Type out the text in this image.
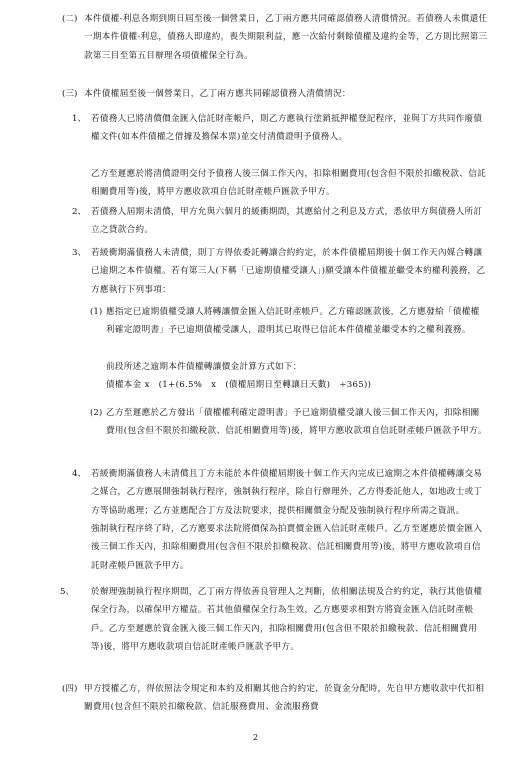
(二) 本件債權-利息各期到期日屆至後一個營業日，乙丁兩方應共同確認債務人清償情況。若債務人未償還任一期本件債權-利息，債務人即違約，喪失期限利益，應一次給付剩餘債權及違約金等，乙方則比照第三款第三目至第五目辦理各項債權保全行為。
(三) 本件債權屆至後一個營業日，乙丁兩方應共同確認債務人清償情況：
1、 若債務人已將清償價金匯入信託財產帳戶，則乙方應執行塗銷抵押權登記程序，並與丁方共同作廢債權文件(如本件債權之借據及擔保本票)並交付清償證明予債務人。
乙方至遲應於將清償證明交付予債務人後三個工作天內，扣除相關費用(包含但不限於扣繳稅款、信託相關費用等)後，將甲方應收款項自信託財產帳戶匯款予甲方。
2、 若債務人屆期未清償，甲方允與六個月的緩衝期間，其應給付之利息及方式，悉依甲方與債務人所訂立之貸款合約。
3、 若緩衝期滿債務人未清償，則丁方得依委託轉讓合約約定，於本件債權屆期後十個工作天內媒合轉讓已逾期之本件債權。若有第三人(下稱「已逾期債權受讓人」)願受讓本件債權並繼受本約權利義務，乙方應執行下列事項：
(1) 應指定已逾期債權受讓人將轉讓價金匯入信託財產帳戶。乙方確認匯款後，乙方應發給「債權權利確定證明書」予已逾期債權受讓人，證明其已取得已信託本件債權並繼受本約之權利義務。
前段所述之逾期本件債權轉讓價金計算方式如下：
債權本金 x　(1+(6.5%　x　(債權屆期日至轉讓日天數)　÷365))
(2) 乙方至遲應於乙方發出「債權權利確定證明書」予已逾期債權受讓人後三個工作天內，扣除相關費用(包含但不限於扣繳稅款、信託相關費用等)後，將甲方應收款項自信託財產帳戶匯款予甲方。
4、 若緩衝期滿債務人未清償且丁方未能於本件債權屆期後十個工作天內完成已逾期之本件債權轉讓交易之媒合，乙方應展開強制執行程序，強制執行程序，除自行辦理外，乙方得委託他人，如地政士或丁方等協助處理；乙方並應配合丁方及法院要求，提供相關價金分配及強制執行程序所需之資訊。
強制執行程序終了時，乙方應要求法院將價保為拍賣價金匯入信託財產帳戶。乙方至遲應於價金匯入後三個工作天內，扣除相關費用(包含但不限於扣繳稅款、信託相關費用等)後，將甲方應收款項自信託財產帳戶匯款予甲方。
5、 於辦理強制執行程序期間，乙丁兩方得依善良管理人之判斷，依相關法規及合約約定，執行其他債權保全行為，以確保甲方權益。若其他債權保全行為生效，乙方應要求相對方將資金匯入信託財產帳戶。乙方至遲應於資金匯入後三個工作天內，扣除相關費用(包含但不限於扣繳稅款、信託相關費用等)後，將甲方應收款項自信託財產帳戶匯款予甲方。
(四) 甲方授權乙方，得依照法令規定和本約及相關其他合約約定，於資金分配時，先自甲方應收款中代扣相關費用(包含但不限於扣繳稅款、信託服務費用、金流服務費
2
